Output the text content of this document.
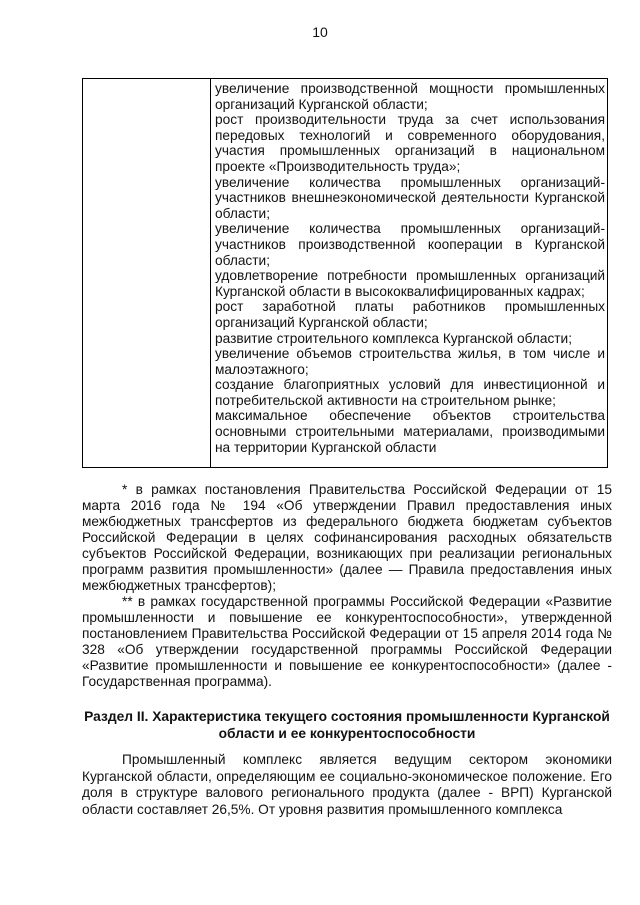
10

увеличение производственной мощности промышленных организаций Курганской области;

рост производительности труда за счет использования передовых технологий и современного оборудования, участия промышленных организаций в национальном проекте «Производительность труда»;

увеличение количества промышленных организаций-участников внешнеэкономической деятельности Курганской области;

увеличение количества промышленных организаций-участников производственной кооперации в Курганской области;

удовлетворение потребности промышленных организаций Курганской области в высококвалифицированных кадрах;

рост заработной платы работников промышленных организаций Курганской области;

развитие строительного комплекса Курганской области;

увеличение объемов строительства жилья, в том числе и малоэтажного;

создание благоприятных условий для инвестиционной и потребительской активности на строительном рынке;

максимальное обеспечение объектов строительства основными строительными материалами, производимыми на территории Курганской области

* в рамках постановления Правительства Российской Федерации от 15 марта 2016 года № 194 «Об утверждении Правил предоставления иных межбюджетных трансфертов из федерального бюджета бюджетам субъектов Российской Федерации в целях софинансирования расходных обязательств субъектов Российской Федерации, возникающих при реализации региональных программ развития промышленности» (далее — Правила предоставления иных межбюджетных трансфертов);

** в рамках государственной программы Российской Федерации «Развитие промышленности и повышение ее конкурентоспособности», утвержденной постановлением Правительства Российской Федерации от 15 апреля 2014 года № 328 «Об утверждении государственной программы Российской Федерации «Развитие промышленности и повышение ее конкурентоспособности» (далее - Государственная программа).

Раздел II. Характеристика текущего состояния промышленности Курганской
области и ее конкурентоспособности

Промышленный комплекс является ведущим сектором экономики Курганской области, определяющим ее социально-экономическое положение. Его доля в структуре валового регионального продукта (далее - ВРП) Курганской области составляет 26,5%. От уровня развития промышленного комплекса
